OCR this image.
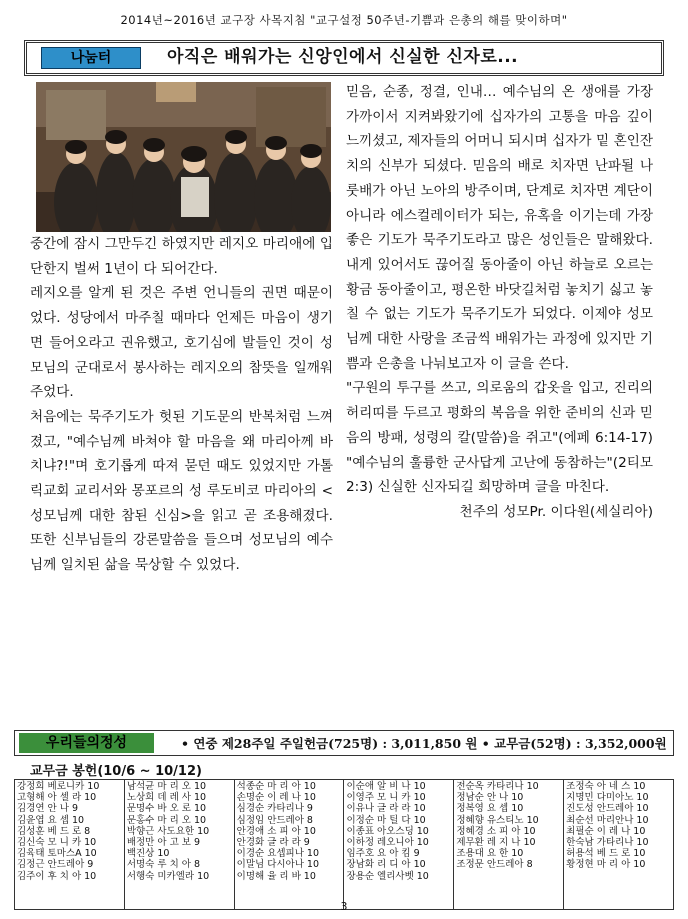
2014년~2016년 교구장 사목지침 "교구설정 50주년-기쁨과 은총의 해를 맞이하며"
나눔터	아직은 배워가는 신앙인에서 신실한 신자로...

중간에 잠시 그만두긴 하였지만 레지오 마리애에 입단한지 벌써 1년이 다 되어간다.

레지오를 알게 된 것은 주변 언니들의 권면 때문이었다. 성당에서 마주칠 때마다 언제든 마음이 생기면 들어오라고 권유했고, 호기심에 발들인 것이 성모님의 군대로서 봉사하는 레지오의 참뜻을 일깨워 주었다.

처음에는 묵주기도가 헛된 기도문의 반복처럼 느껴졌고, "예수님께 바쳐야 할 마음을 왜 마리아께 바치냐?!"며 호기롭게 따져 묻던 때도 있었지만 가톨릭교회 교리서와 몽포르의 성 루도비코 마리아의 <성모님께 대한 참된 신심>을 읽고 곧 조용해졌다. 또한 신부님들의 강론말씀을 들으며 성모님의 예수님께 일치된 삶을 묵상할 수 있었다.

믿음, 순종, 정결, 인내… 예수님의 온 생애를 가장 가까이서 지켜봐왔기에 십자가의 고통을 마음 깊이 느끼셨고, 제자들의 어머니 되시며 십자가 밑 혼인잔치의 신부가 되셨다. 믿음의 배로 치자면 난파될 나룻배가 아닌 노아의 방주이며, 단계로 치자면 계단이 아니라 에스컬레이터가 되는, 유혹을 이기는데 가장 좋은 기도가 묵주기도라고 많은 성인들은 말해왔다. 내게 있어서도 끊어질 동아줄이 아닌 하늘로 오르는 황금 동아줄이고, 평온한 바닷길처럼 놓치기 싫고 놓칠 수 없는 기도가 묵주기도가 되었다. 이제야 성모님께 대한 사랑을 조금씩 배워가는 과정에 있지만 기쁨과 은총을 나눠보고자 이 글을 쓴다.

"구원의 투구를 쓰고, 의로움의 갑옷을 입고, 진리의 허리띠를 두르고 평화의 복음을 위한 준비의 신과 믿음의 방패, 성령의 칼(말씀)을 쥐고"(에페 6:14-17) "예수님의 훌륭한 군사답게 고난에 동참하는"(2티모2:3) 신실한 신자되길 희망하며 글을 마친다.

천주의 성모Pr. 이다원(세실리아)

우리들의정성	• 연중 제28주일 주일헌금(725명) : 3,011,850 원 • 교무금(52명) : 3,352,000원
교무금 봉헌(10/6 ~ 10/12)
강정희 베로니카 10
고형해 아 셀 라 10
김경연 안 나 9
김윤엽 요 셉 10
김성훈 베 드 로 8
김신숙 모 니 카 10
김육태 토마스A 10
김정근 안드레아 9
김주이 후 치 아 10

남석균 마 리 오 10
노상희 데 레 사 10
문명수 바 오 로 10
문홍수 마 리 오 10
박향근 사도요한 10
배정만 아 고 보 9
백진상 10
서명숙 루 치 아 8
서행숙 미카엘라 10

석종순 마 리 아 10
손명순 이 레 나 10
심경순 카타리나 9
심정임 안드레아 8
안경애 소 피 아 10
안경화 글 라 라 9
이경순 요셉피나 10
이말님 다시아나 10
이명해 율 리 바 10

이순애 알 비 나 10
이영주 모 니 카 10
이유나 글 라 라 10
이정순 마 틸 다 10
이종표 아오스딩 10
이하정 레오니아 10
임주호 요 아 킴 9
장남화 리 디 아 10
장용순 엘리사벳 10

전순옥 카타리나 10
정남순 안 나 10
정복영 요 셉 10
정혜향 유스티노 10
정혜경 소 피 아 10
제무환 레 지 나 10
조용대 요 한 10
조정문 안드레아 8

조정숙 아 네 스 10
지명민 다미아노 10
진도성 안드레아 10
최순선 마리안나 10
최필순 이 레 나 10
한숙남 가타리나 10
허용석 베 드 로 10
황정현 마 리 아 10
3
